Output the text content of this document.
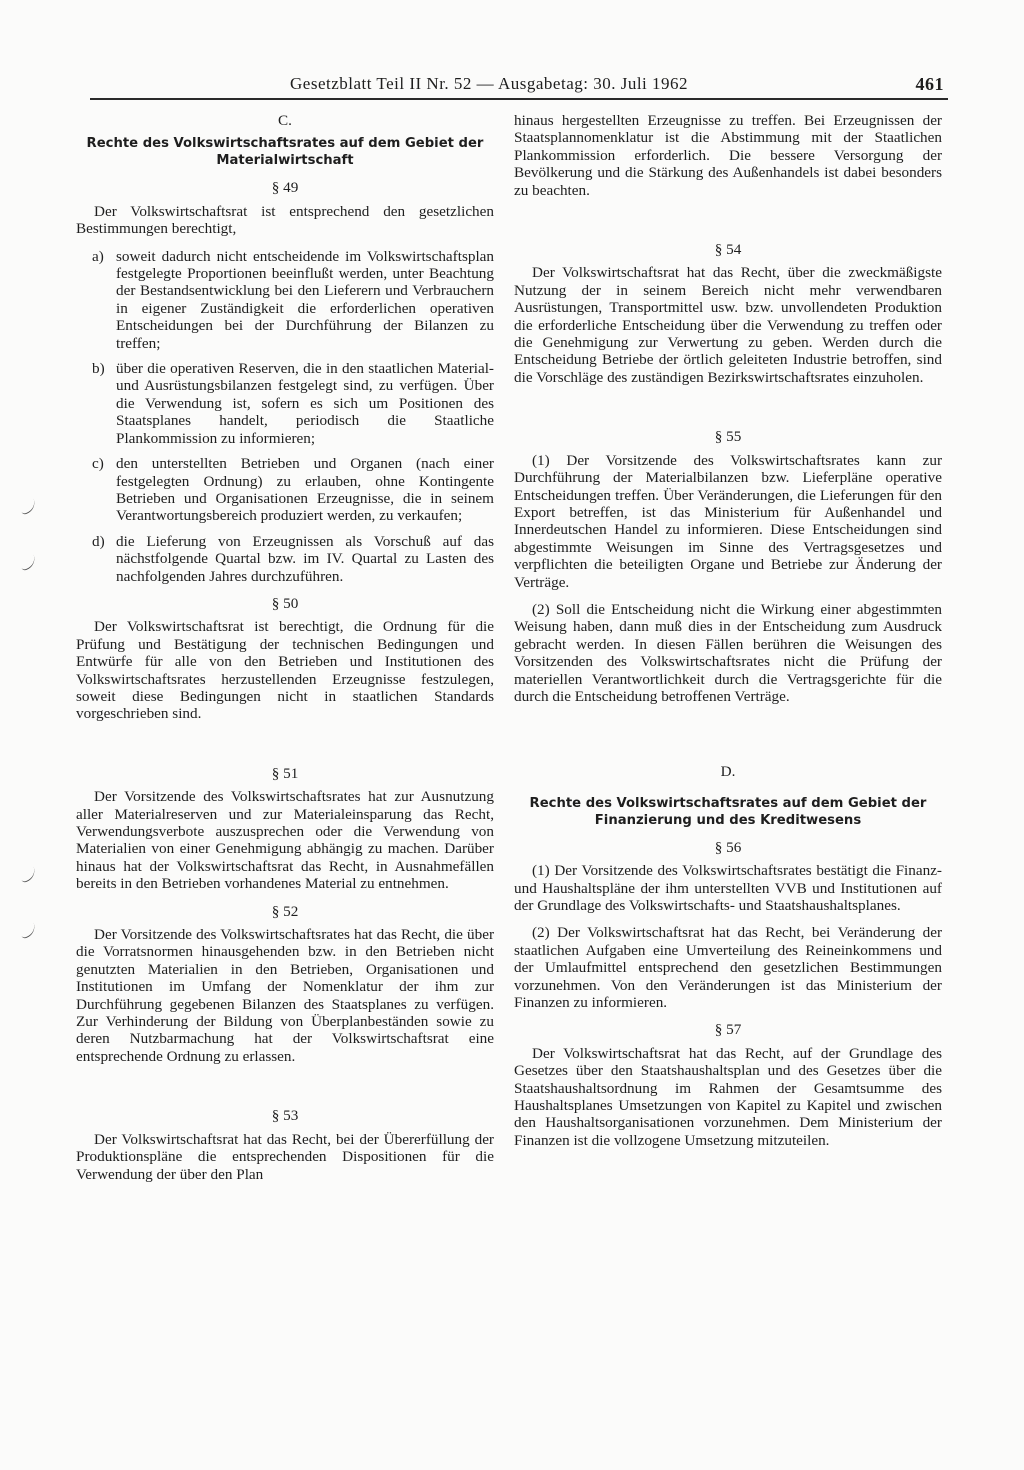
Gesetzblatt Teil II Nr. 52 — Ausgabetag: 30. Juli 1962	461

C.

Rechte des Volkswirtschaftsrates auf dem Gebiet der Materialwirtschaft

§ 49

Der Volkswirtschaftsrat ist entsprechend den gesetzlichen Bestimmungen berechtigt,

a) soweit dadurch nicht entscheidende im Volkswirtschaftsplan festgelegte Proportionen beeinflußt werden, unter Beachtung der Bestandsentwicklung bei den Lieferern und Verbrauchern in eigener Zuständigkeit die erforderlichen operativen Entscheidungen bei der Durchführung der Bilanzen zu treffen;
b) über die operativen Reserven, die in den staatlichen Material- und Ausrüstungsbilanzen festgelegt sind, zu verfügen. Über die Verwendung ist, sofern es sich um Positionen des Staatsplanes handelt, periodisch die Staatliche Plankommission zu informieren;
c) den unterstellten Betrieben und Organen (nach einer festgelegten Ordnung) zu erlauben, ohne Kontingente Betrieben und Organisationen Erzeugnisse, die in seinem Verantwortungsbereich produziert werden, zu verkaufen;
d) die Lieferung von Erzeugnissen als Vorschuß auf das nächstfolgende Quartal bzw. im IV. Quartal zu Lasten des nachfolgenden Jahres durchzuführen.

§ 50

Der Volkswirtschaftsrat ist berechtigt, die Ordnung für die Prüfung und Bestätigung der technischen Bedingungen und Entwürfe für alle von den Betrieben und Institutionen des Volkswirtschaftsrates herzustellenden Erzeugnisse festzulegen, soweit diese Bedingungen nicht in staatlichen Standards vorgeschrieben sind.

§ 51

Der Vorsitzende des Volkswirtschaftsrates hat zur Ausnutzung aller Materialreserven und zur Materialeinsparung das Recht, Verwendungsverbote auszusprechen oder die Verwendung von Materialien von einer Genehmigung abhängig zu machen. Darüber hinaus hat der Volkswirtschaftsrat das Recht, in Ausnahmefällen bereits in den Betrieben vorhandenes Material zu entnehmen.

§ 52

Der Vorsitzende des Volkswirtschaftsrates hat das Recht, die über die Vorratsnormen hinausgehenden bzw. in den Betrieben nicht genutzten Materialien in den Betrieben, Organisationen und Institutionen im Umfang der Nomenklatur der ihm zur Durchführung gegebenen Bilanzen des Staatsplanes zu verfügen. Zur Verhinderung der Bildung von Überplanbeständen sowie zu deren Nutzbarmachung hat der Volkswirtschaftsrat eine entsprechende Ordnung zu erlassen.

§ 53

Der Volkswirtschaftsrat hat das Recht, bei der Übererfüllung der Produktionspläne die entsprechenden Dispositionen für die Verwendung der über den Plan

hinaus hergestellten Erzeugnisse zu treffen. Bei Erzeugnissen der Staatsplannomenklatur ist die Abstimmung mit der Staatlichen Plankommission erforderlich. Die bessere Versorgung der Bevölkerung und die Stärkung des Außenhandels ist dabei besonders zu beachten.

§ 54

Der Volkswirtschaftsrat hat das Recht, über die zweckmäßigste Nutzung der in seinem Bereich nicht mehr verwendbaren Ausrüstungen, Transportmittel usw. bzw. unvollendeten Produktion die erforderliche Entscheidung über die Verwendung zu treffen oder die Genehmigung zur Verwertung zu geben. Werden durch die Entscheidung Betriebe der örtlich geleiteten Industrie betroffen, sind die Vorschläge des zuständigen Bezirkswirtschaftsrates einzuholen.

§ 55

(1) Der Vorsitzende des Volkswirtschaftsrates kann zur Durchführung der Materialbilanzen bzw. Lieferpläne operative Entscheidungen treffen. Über Veränderungen, die Lieferungen für den Export betreffen, ist das Ministerium für Außenhandel und Innerdeutschen Handel zu informieren. Diese Entscheidungen sind abgestimmte Weisungen im Sinne des Vertragsgesetzes und verpflichten die beteiligten Organe und Betriebe zur Änderung der Verträge.

(2) Soll die Entscheidung nicht die Wirkung einer abgestimmten Weisung haben, dann muß dies in der Entscheidung zum Ausdruck gebracht werden. In diesen Fällen berühren die Weisungen des Vorsitzenden des Volkswirtschaftsrates nicht die Prüfung der materiellen Verantwortlichkeit durch die Vertragsgerichte für die durch die Entscheidung betroffenen Verträge.

D.

Rechte des Volkswirtschaftsrates auf dem Gebiet der Finanzierung und des Kreditwesens

§ 56

(1) Der Vorsitzende des Volkswirtschaftsrates bestätigt die Finanz- und Haushaltspläne der ihm unterstellten VVB und Institutionen auf der Grundlage des Volkswirtschafts- und Staatshaushaltsplanes.

(2) Der Volkswirtschaftsrat hat das Recht, bei Veränderung der staatlichen Aufgaben eine Umverteilung des Reineinkommens und der Umlaufmittel entsprechend den gesetzlichen Bestimmungen vorzunehmen. Von den Veränderungen ist das Ministerium der Finanzen zu informieren.

§ 57

Der Volkswirtschaftsrat hat das Recht, auf der Grundlage des Gesetzes über den Staatshaushaltsplan und des Gesetzes über die Staatshaushaltsordnung im Rahmen der Gesamtsumme des Haushaltsplanes Umsetzungen von Kapitel zu Kapitel und zwischen den Haushaltsorganisationen vorzunehmen. Dem Ministerium der Finanzen ist die vollzogene Umsetzung mitzuteilen.
